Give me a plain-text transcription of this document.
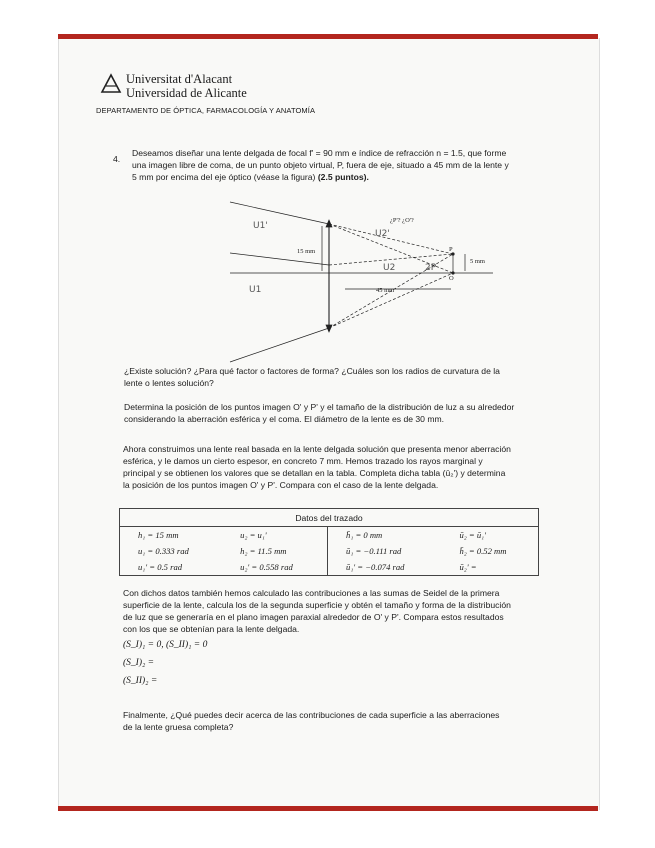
Universitat d'Alacant
Universidad de Alicante
DEPARTAMENTO DE ÓPTICA, FARMACOLOGÍA Y ANATOMÍA
4.
Deseamos diseñar una lente delgada de focal f' = 90 mm e índice de refracción n = 1.5, que forme
una imagen libre de coma, de un punto objeto virtual, P, fuera de eje, situado a 45 mm de la lente y
5 mm por encima del eje óptico (véase la figura) (2.5 puntos).
¿P'? ¿O'?
15 mm
5 mm
45 mm
P
O
U1'
U2'
U1
U2	2P
¿Existe solución? ¿Para qué factor o factores de forma? ¿Cuáles son los radios de curvatura de la
lente o lentes solución?
Determina la posición de los puntos imagen O' y P' y el tamaño de la distribución de luz a su alrededor
considerando la aberración esférica y el coma. El diámetro de la lente es de 30 mm.
Ahora construimos una lente real basada en la lente delgada solución que presenta menor aberración
esférica, y le damos un cierto espesor, en concreto 7 mm. Hemos trazado los rayos marginal y
principal y se obtienen los valores que se detallan en la tabla. Completa dicha tabla (ū₂') y determina
la posición de los puntos imagen O' y P'. Compara con el caso de la lente delgada.
Datos del trazado			
h₁ = 15 mm	u₂ = u₁'	h̄₁ = 0 mm	ū₂ = ū₁'
u₁ = 0.333 rad	h₂ = 11.5 mm	ū₁ = −0.111 rad	h̄₂ = 0.52 mm
u₁' = 0.5 rad	u₂' = 0.558 rad	ū₁' = −0.074 rad	ū₂' =
Con dichos datos también hemos calculado las contribuciones a las sumas de Seidel de la primera
superficie de la lente, calcula los de la segunda superficie y obtén el tamaño y forma de la distribución
de luz que se generaría en el plano imagen paraxial alrededor de O' y P'. Compara estos resultados
con los que se obtenían para la lente delgada.
(S_I)₁ = 0, (S_II)₁ = 0
(S_I)₂ =
(S_II)₂ =
Finalmente, ¿Qué puedes decir acerca de las contribuciones de cada superficie a las aberraciones
de la lente gruesa completa?
